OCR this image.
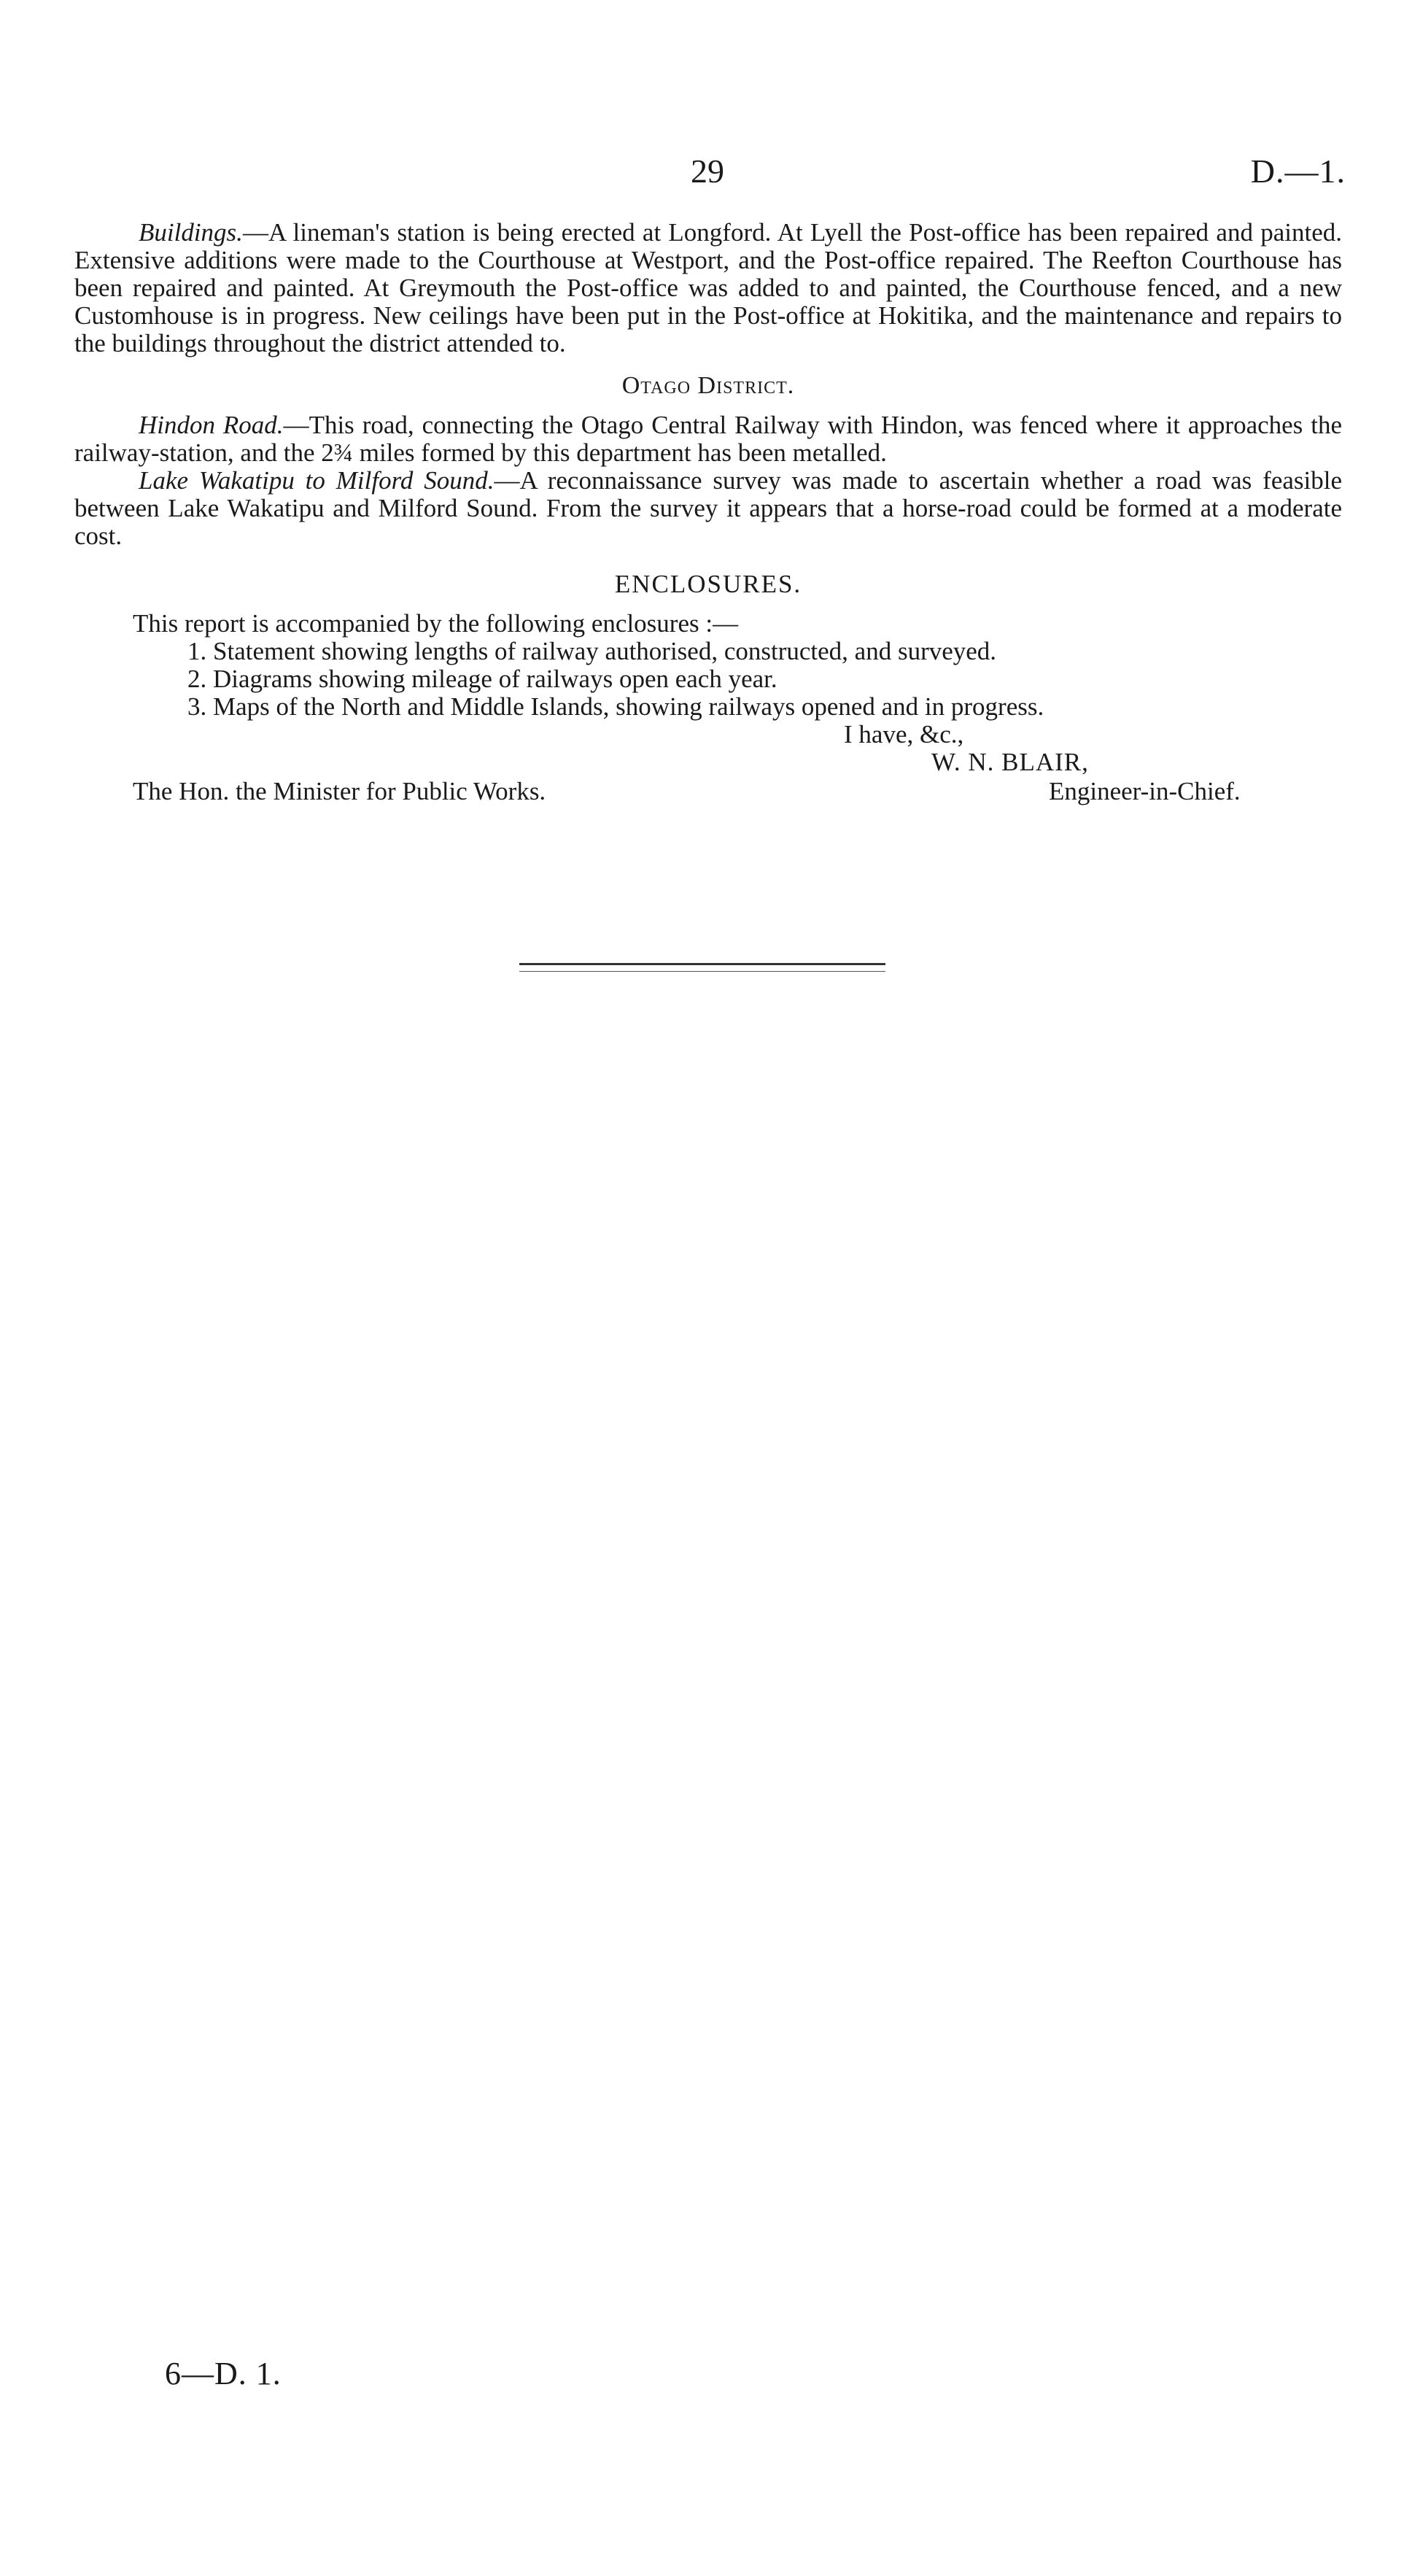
29	D.—1.

Buildings.—A lineman's station is being erected at Longford. At Lyell the Post-office has been repaired and painted. Extensive additions were made to the Courthouse at Westport, and the Post-office repaired. The Reefton Courthouse has been repaired and painted. At Greymouth the Post-office was added to and painted, the Courthouse fenced, and a new Customhouse is in progress. New ceilings have been put in the Post-office at Hokitika, and the maintenance and repairs to the buildings throughout the district attended to.

Otago District.

Hindon Road.—This road, connecting the Otago Central Railway with Hindon, was fenced where it approaches the railway-station, and the 2¾ miles formed by this department has been metalled.

Lake Wakatipu to Milford Sound.—A reconnaissance survey was made to ascertain whether a road was feasible between Lake Wakatipu and Milford Sound. From the survey it appears that a horse-road could be formed at a moderate cost.

ENCLOSURES.

This report is accompanied by the following enclosures :—

1. Statement showing lengths of railway authorised, constructed, and surveyed.
2. Diagrams showing mileage of railways open each year.
3. Maps of the North and Middle Islands, showing railways opened and in progress.
I have, &c.,
W. N. BLAIR,
The Hon. the Minister for Public Works.	Engineer-in-Chief.
6—D. 1.
